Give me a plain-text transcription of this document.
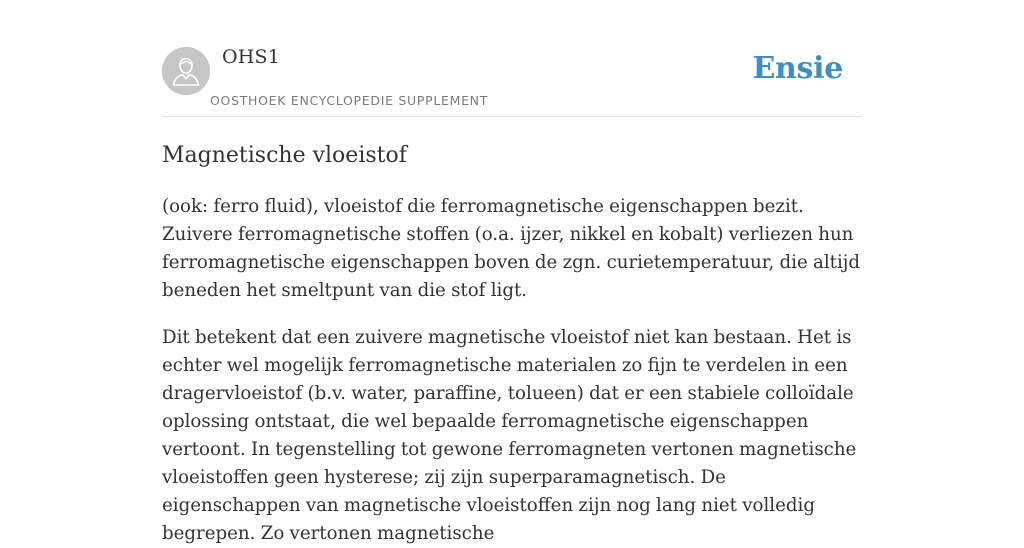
OHS1
OOSTHOEK ENCYCLOPEDIE SUPPLEMENT
Ensie
Magnetische vloeistof

(ook: ferro fluid), vloeistof die ferromagnetische eigenschappen bezit. Zuivere ferromagnetische stoffen (o.a. ijzer, nikkel en kobalt) verliezen hun ferromagnetische eigenschappen boven de zgn. curietemperatuur, die altijd beneden het smeltpunt van die stof ligt.

Dit betekent dat een zuivere magnetische vloeistof niet kan bestaan. Het is echter wel mogelijk ferromagnetische materialen zo fijn te verdelen in een dragervloeistof (b.v. water, paraffine, tolueen) dat er een stabiele colloïdale oplossing ontstaat, die wel bepaalde ferromagnetische eigenschappen vertoont. In tegenstelling tot gewone ferromagneten vertonen magnetische vloeistoffen geen hysterese; zij zijn superparamagnetisch. De eigenschappen van magnetische vloeistoffen zijn nog lang niet volledig begrepen. Zo vertonen magnetische
